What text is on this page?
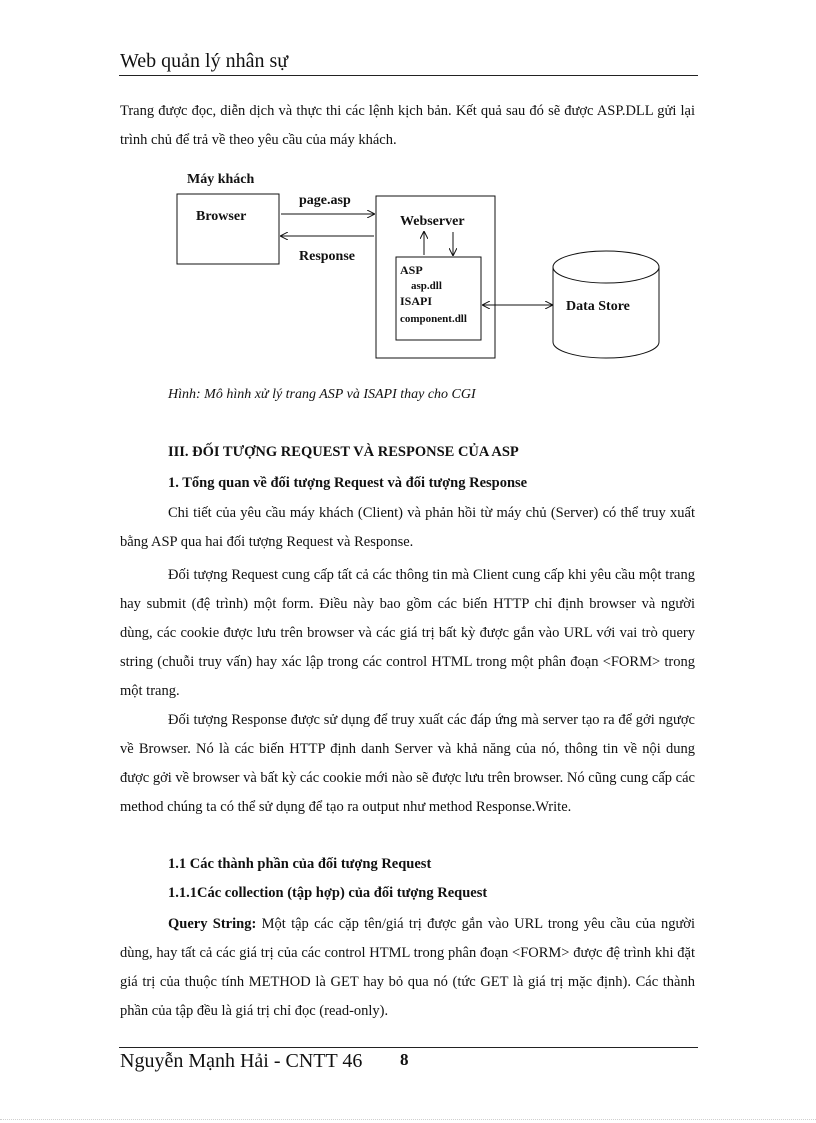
Web quản lý nhân sự

Trang được đọc, diễn dịch và thực thi các lệnh kịch bản. Kết quả sau đó sẽ được ASP.DLL gửi lại trình chủ để trả về theo yêu cầu của máy khách.

Máy khách
Browser
page.asp
Response
Webserver
ASP
asp.dll
ISAPI
component.dll
Data Store
Hình: Mô hình xử lý trang ASP và ISAPI thay cho CGI
III. ĐỐI TƯỢNG REQUEST VÀ RESPONSE CỦA ASP
1. Tổng quan về đối tượng Request và đối tượng Response

Chi tiết của yêu cầu máy khách (Client) và phản hồi từ máy chủ (Server) có thể truy xuất bằng ASP qua hai đối tượng Request và Response.

Đối tượng Request cung cấp tất cả các thông tin mà Client cung cấp khi yêu cầu một trang hay submit (đệ trình) một form. Điều này bao gồm các biến HTTP chỉ định browser và người dùng, các cookie được lưu trên browser và các giá trị bất kỳ được gắn vào URL với vai trò query string (chuỗi truy vấn) hay xác lập trong các control HTML trong một phân đoạn <FORM> trong một trang.

Đối tượng Response được sử dụng để truy xuất các đáp ứng mà server tạo ra để gởi ngược về Browser. Nó là các biến HTTP định danh Server và khả năng của nó, thông tin về nội dung được gởi về browser và bất kỳ các cookie mới nào sẽ được lưu trên browser. Nó cũng cung cấp các method chúng ta có thể sử dụng để tạo ra output như method Response.Write.

1.1 Các thành phần của đối tượng Request
1.1.1Các collection (tập hợp) của đối tượng Request

Query String: Một tập các cặp tên/giá trị được gắn vào URL trong yêu cầu của người dùng, hay tất cả các giá trị của các control HTML trong phân đoạn <FORM> được đệ trình khi đặt giá trị của thuộc tính METHOD là GET hay bỏ qua nó (tức GET là giá trị mặc định). Các thành phần của tập đều là giá trị chỉ đọc (read-only).

Nguyễn Mạnh Hải - CNTT 46 8
